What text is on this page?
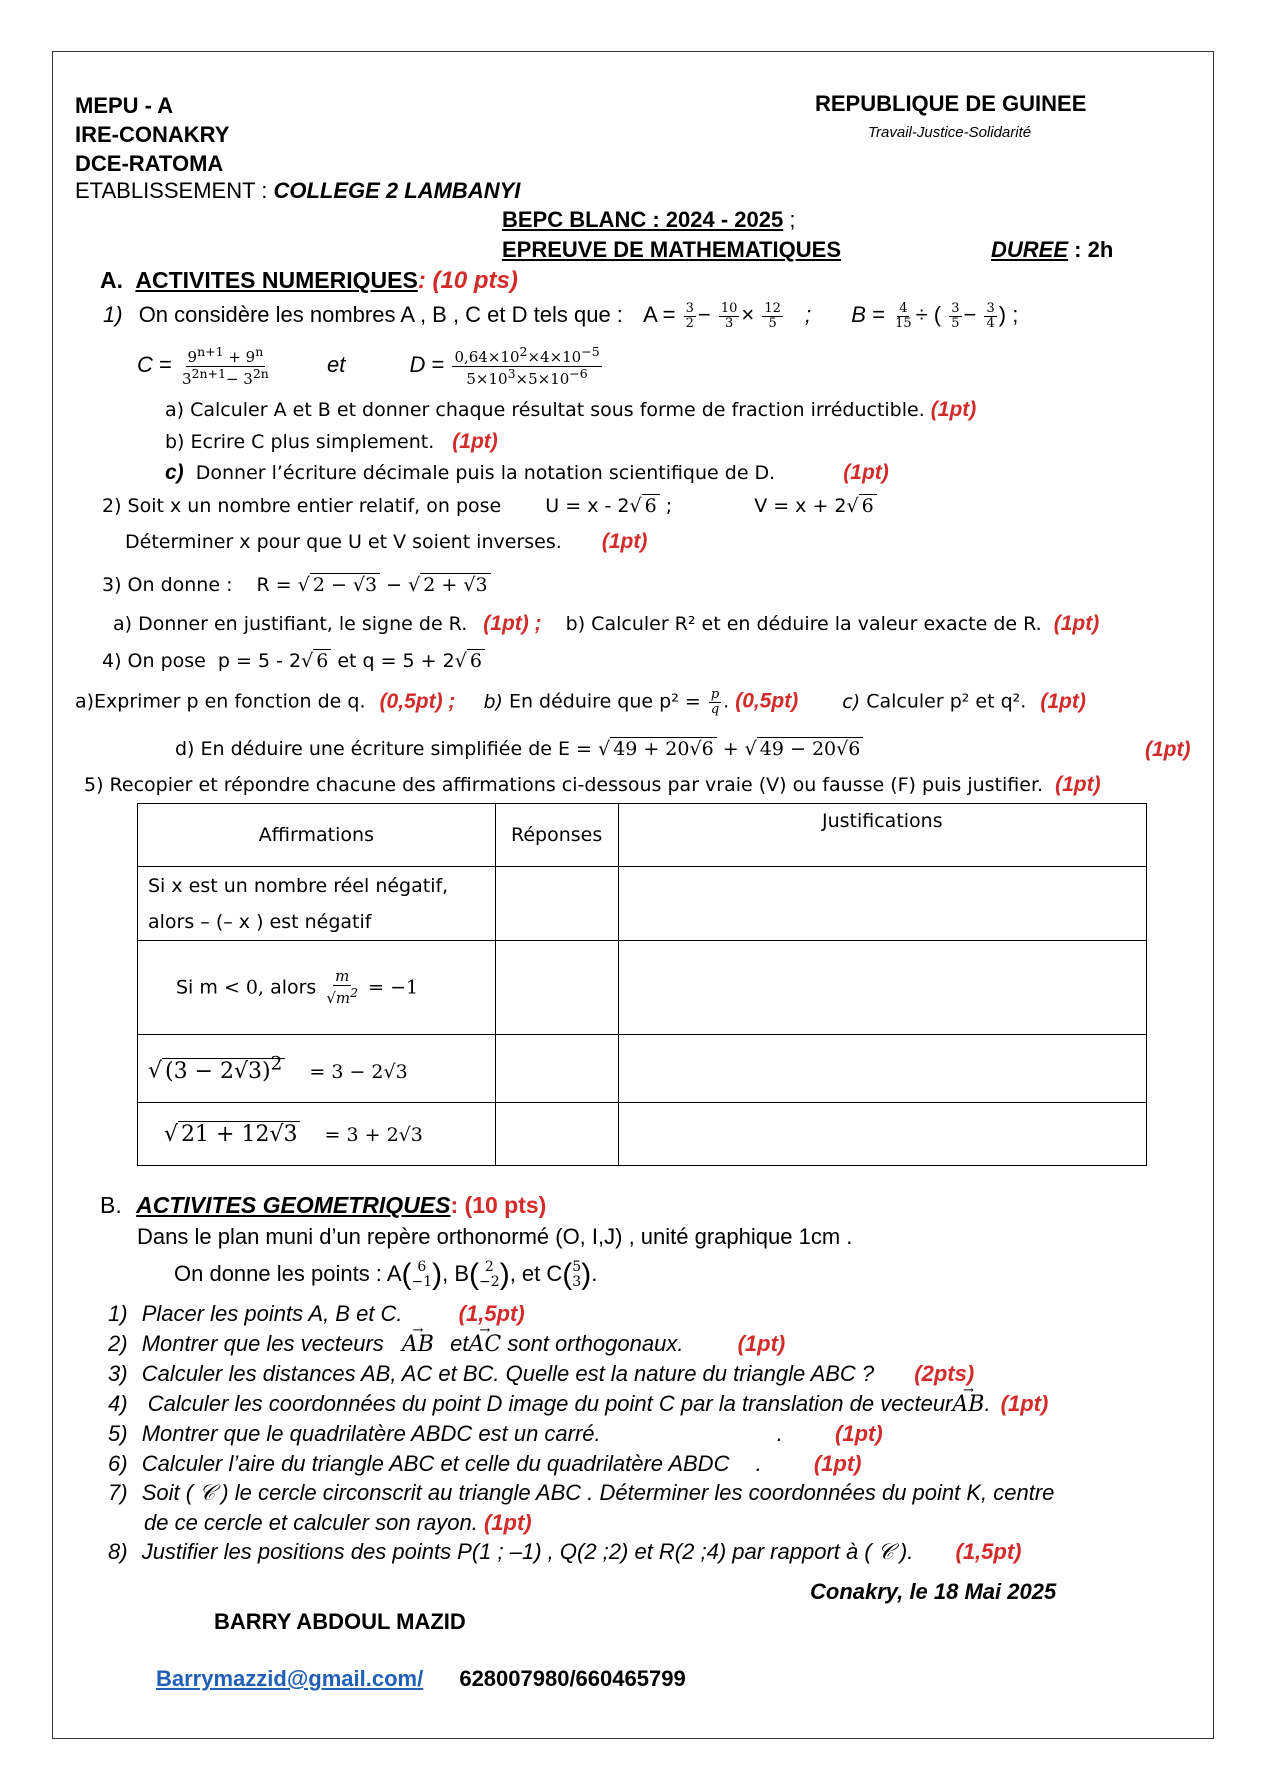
MEPU - A
IRE-CONAKRY
DCE-RATOMA
ETABLISSEMENT : COLLEGE 2 LAMBANYI
REPUBLIQUE DE GUINEE
Travail-Justice-Solidarité
BEPC BLANC : 2024 - 2025 ;
EPREUVE DE MATHEMATIQUES	DUREE : 2h
A. ACTIVITES NUMERIQUES: (10 pts)
1) On considère les nombres A , B , C et D tels que : $A = \frac{3}{2} - \frac{10}{3} \times \frac{12}{5}$ ; $B = \frac{4}{15}$ ÷ ( $\frac{3}{5} - \frac{3}{4}$ ) ;
$C = \frac{9^{n+1} + 9^n}{3^{2n+1}- 3^{2n}}$	et	$D = \frac{0,64\times 10^2\times 4\times 10^{-5}}{5\times 10^3\times 5\times 10^{-6}}$
a) Calculer A et B et donner chaque résultat sous forme de fraction irréductible. (1pt)
b) Ecrire C plus simplement. (1pt)
c) Donner l’écriture décimale puis la notation scientifique de D.	(1pt)
2) Soit x un nombre entier relatif, on pose U = x - 2√ 6 ;	V = x + 2√ 6
Déterminer x pour que U et V soient inverses. (1pt)
3) On donne : R = √ 2 − √3 − √ 2 + √3
a) Donner en justifiant, le signe de R. (1pt) ; b) Calculer R² et en déduire la valeur exacte de R. (1pt)
4) On pose p = 5 - 2√ 6 et q = 5 + 2√ 6
a)Exprimer p en fonction de q. (0,5pt) ; b) En déduire que $p^2 = \frac{p}{q}$ . (0,5pt) c) Calculer p² et q². (1pt)
d) En déduire une écriture simplifiée de E = √ 49 + 20√6 + √ 49 − 20√6	(1pt)
5) Recopier et répondre chacune des affirmations ci-dessous par vraie (V) ou fausse (F) puis justifier. (1pt)
Affirmations	Réponses	Justifications

Si x est un nombre réel négatif,
alors – (– x ) est négatif		

Si m < 0, alors $\frac{m}{√m^2} = -1$		
√ $(3 - 2√3)^2 = 3 - 2√3$		
√ 21 + 12√3 = 3 + 2√3		
B. ACTIVITES GEOMETRIQUES: (10 pts)
Dans le plan muni d’un repère orthonormé (O, I,J) , unité graphique 1cm .
On donne les points : A( 6
−1 ), B( 2
−2 ), et C( 5
3 ).
1) Placer les points A, B et C.	(1,5pt)
2) Montrer que les vecteurs → AB et→ AC sont orthogonaux. (1pt)
3) Calculer les distances AB, AC et BC. Quelle est la nature du triangle ABC ? (2pts)
4) Calculer les coordonnées du point D image du point C par la translation de vecteur→ AB. (1pt)
5) Montrer que le quadrilatère ABDC est un carré.	. (1pt)
6) Calculer l’aire du triangle ABC et celle du quadrilatère ABDC . (1pt)
7) Soit ( 𝒞 ) le cercle circonscrit au triangle ABC . Déterminer les coordonnées du point K, centre
de ce cercle et calculer son rayon. (1pt)
8) Justifier les positions des points P(1 ; –1) , Q(2 ;2) et R(2 ;4) par rapport à ( 𝒞 ). (1,5pt)
Conakry, le 18 Mai 2025
BARRY ABDOUL MAZID
Barrymazzid@gmail.com/ 628007980/660465799
